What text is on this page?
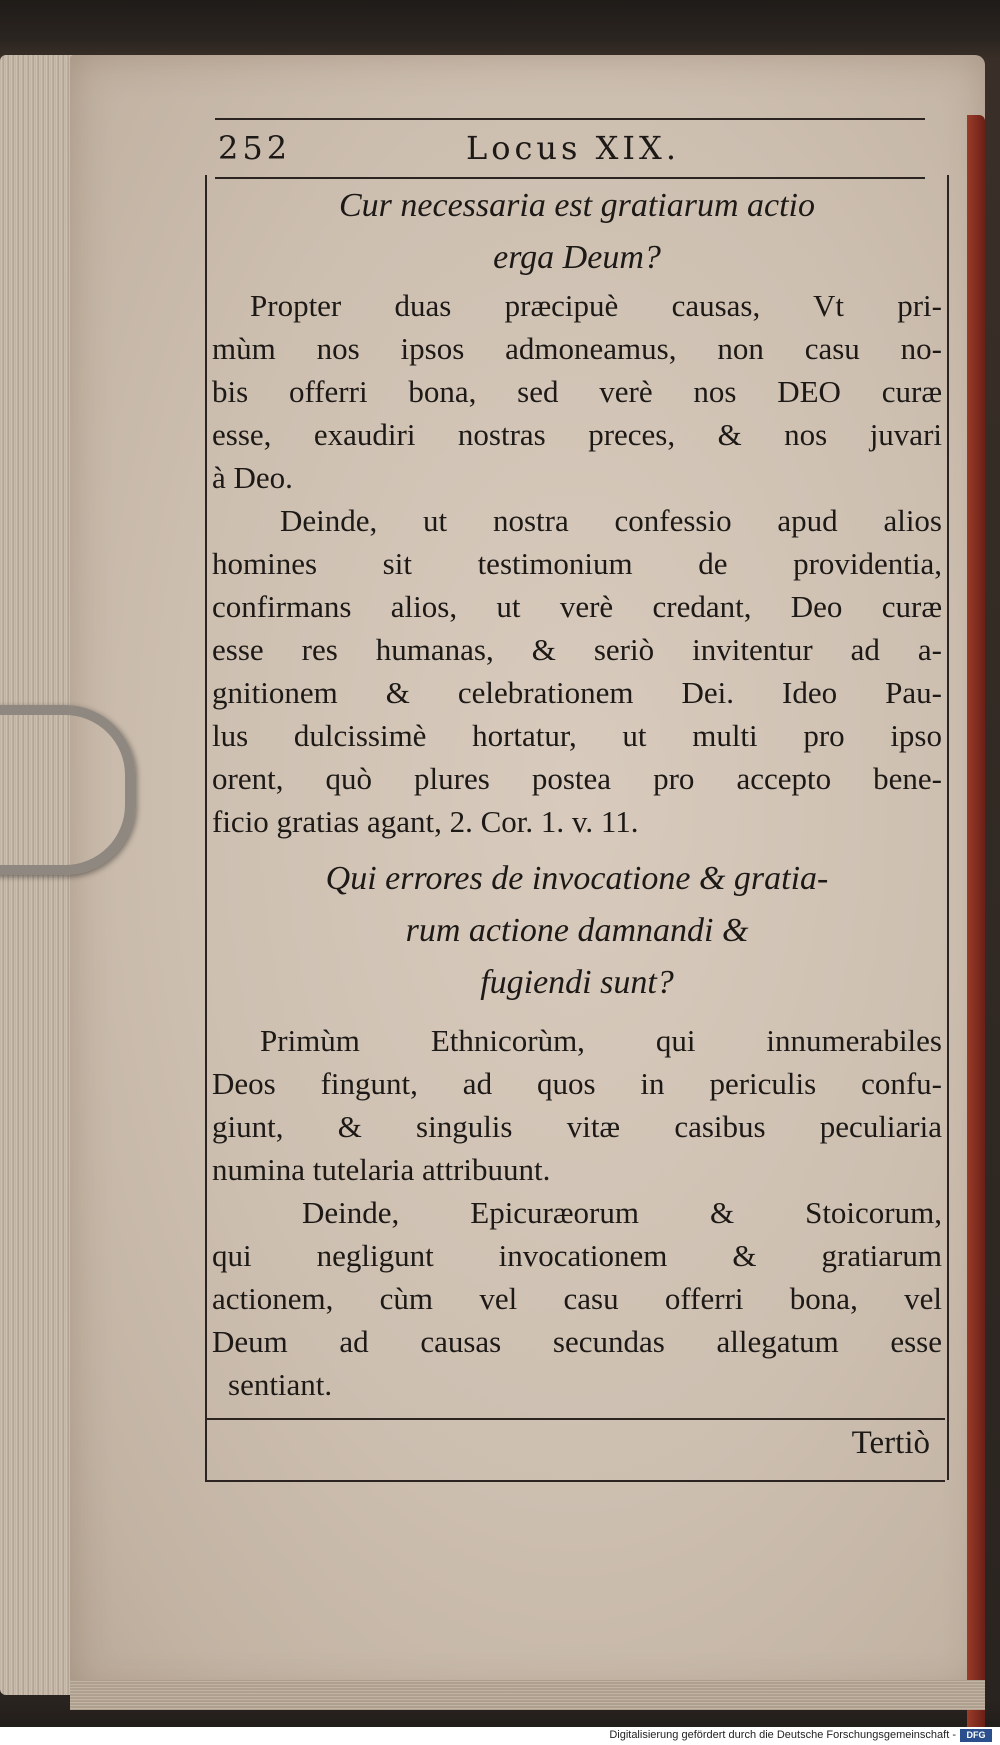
252	Locus XIX.
Cur necessaria est gratiarum actio
erga Deum?
Propter duas præcipuè causas, Vt pri-
mùm nos ipsos admoneamus, non casu no-
bis offerri bona, sed verè nos DEO curæ
esse, exaudiri nostras preces, & nos juvari
à Deo.
Deinde, ut nostra confessio apud alios
homines sit testimonium de providentia,
confirmans alios, ut verè credant, Deo curæ
esse res humanas, & seriò invitentur ad a-
gnitionem & celebrationem Dei. Ideo Pau-
lus dulcissimè hortatur, ut multi pro ipso
orent, quò plures postea pro accepto bene-
ficio gratias agant, 2. Cor. 1. v. 11.
Qui errores de invocatione & gratia-
rum actione damnandi &
fugiendi sunt?
Primùm Ethnicorùm, qui innumerabiles
Deos fingunt, ad quos in periculis confu-
giunt, & singulis vitæ casibus peculiaria
numina tutelaria attribuunt.
Deinde, Epicuræorum & Stoicorum,
qui negligunt invocationem & gratiarum
actionem, cùm vel casu offerri bona, vel
Deum ad causas secundas allegatum esse
sentiant.
Tertiò
Digitalisierung gefördert durch die Deutsche Forschungsgemeinschaft -	DFG
